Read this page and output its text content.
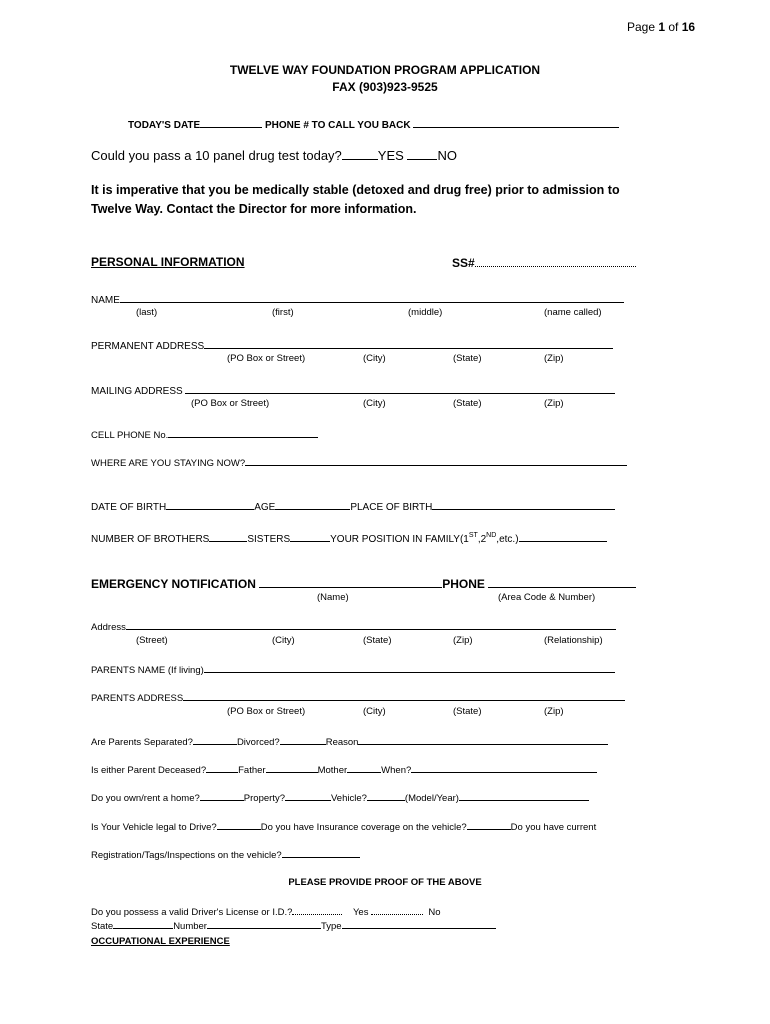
Page 1 of 16
TWELVE WAY FOUNDATION PROGRAM APPLICATION
FAX (903)923-9525
TODAY'S DATE	PHONE # TO CALL YOU BACK
Could you pass a 10 panel drug test today?	YES	NO
It is imperative that you be medically stable (detoxed and drug free) prior to admission to Twelve Way. Contact the Director for more information.
PERSONAL INFORMATION	SS#
NAME
(last)	(first)	(middle)	(name called)
PERMANENT ADDRESS
(PO Box or Street)	(City)	(State)	(Zip)
MAILING ADDRESS
(PO Box or Street)	(City)	(State)	(Zip)
CELL PHONE No.
WHERE ARE YOU STAYING NOW?
DATE OF BIRTH	AGE	PLACE OF BIRTH
NUMBER OF BROTHERS	SISTERS	YOUR POSITION IN FAMILY(1ST,2ND,etc.)
EMERGENCY NOTIFICATION	PHONE
(Name)	(Area Code & Number)
Address
(Street)	(City)	(State)	(Zip)	(Relationship)
PARENTS NAME (If living)
PARENTS ADDRESS
(PO Box or Street)	(City)	(State)	(Zip)
Are Parents Separated?	Divorced?	Reason
Is either Parent Deceased?	Father	Mother	When?
Do you own/rent a home?	Property?	Vehicle?	(Model/Year)
Is Your Vehicle legal to Drive?	Do you have Insurance coverage on the vehicle?	Do you have current
Registration/Tags/Inspections on the vehicle?
PLEASE PROVIDE PROOF OF THE ABOVE
Do you possess a valid Driver's License or I.D.?	Yes	No
State	Number	Type
OCCUPATIONAL EXPERIENCE
